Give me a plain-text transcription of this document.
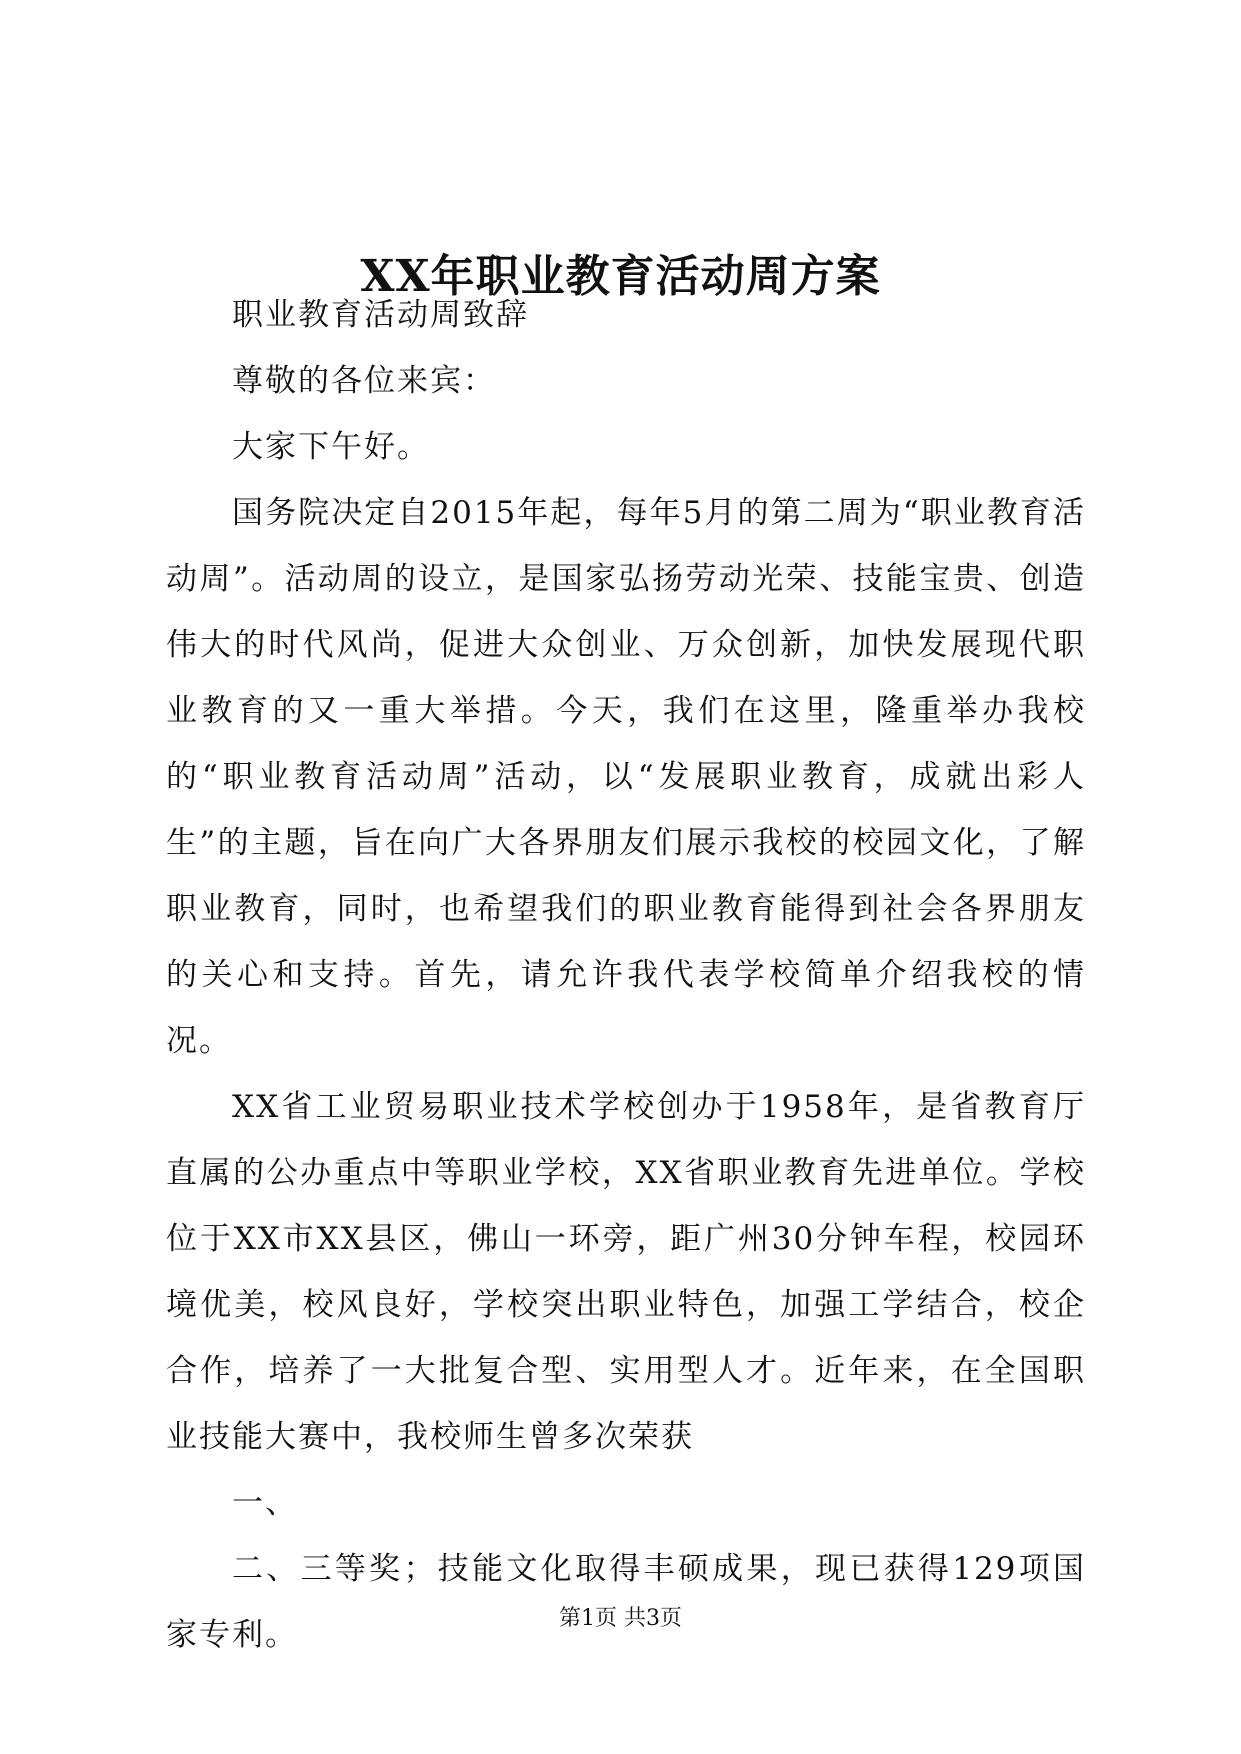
XX年职业教育活动周方案

职业教育活动周致辞

尊敬的各位来宾：

大家下午好。

国务院决定自2015年起，每年5月的第二周为“职业教育活动周”。活动周的设立，是国家弘扬劳动光荣、技能宝贵、创造伟大的时代风尚，促进大众创业、万众创新，加快发展现代职业教育的又一重大举措。今天，我们在这里，隆重举办我校的“职业教育活动周”活动，以“发展职业教育，成就出彩人生”的主题，旨在向广大各界朋友们展示我校的校园文化，了解职业教育，同时，也希望我们的职业教育能得到社会各界朋友的关心和支持。首先，请允许我代表学校简单介绍我校的情况。

XX省工业贸易职业技术学校创办于1958年，是省教育厅直属的公办重点中等职业学校，XX省职业教育先进单位。学校位于XX市XX县区，佛山一环旁，距广州30分钟车程，校园环境优美，校风良好，学校突出职业特色，加强工学结合，校企合作，培养了一大批复合型、实用型人才。近年来，在全国职业技能大赛中，我校师生曾多次荣获

一、

二、三等奖；技能文化取得丰硕成果，现已获得129项国家专利。	第1页 共3页
